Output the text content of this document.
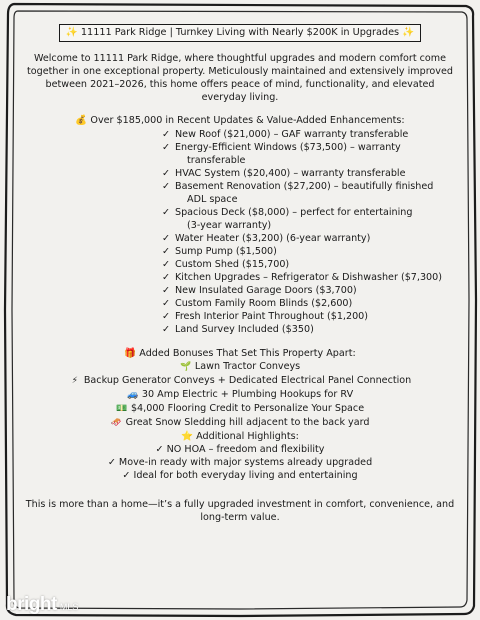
✨ 11111 Park Ridge | Turnkey Living with Nearly $200K in Upgrades ✨
Welcome to 11111 Park Ridge, where thoughtful upgrades and modern comfort come together in one exceptional property. Meticulously maintained and extensively improved between 2021–2026, this home offers peace of mind, functionality, and elevated everyday living.
💰 Over $185,000 in Recent Updates & Value-Added Enhancements:
✓ New Roof ($21,000) – GAF warranty transferable
✓ Energy-Efficient Windows ($73,500) – warranty
transferable
✓ HVAC System ($20,400) – warranty transferable
✓ Basement Renovation ($27,200) – beautifully finished
ADL space
✓ Spacious Deck ($8,000) – perfect for entertaining
(3-year warranty)
✓ Water Heater ($3,200) (6-year warranty)
✓ Sump Pump ($1,500)
✓ Custom Shed ($15,700)
✓ Kitchen Upgrades – Refrigerator & Dishwasher ($7,300)
✓ New Insulated Garage Doors ($3,700)
✓ Custom Family Room Blinds ($2,600)
✓ Fresh Interior Paint Throughout ($1,200)
✓ Land Survey Included ($350)
🎁 Added Bonuses That Set This Property Apart:
🌱 Lawn Tractor Conveys
⚡ Backup Generator Conveys + Dedicated Electrical Panel Connection
🚙 30 Amp Electric + Plumbing Hookups for RV
💵 $4,000 Flooring Credit to Personalize Your Space
🛷 Great Snow Sledding hill adjacent to the back yard
⭐ Additional Highlights:
✓ NO HOA – freedom and flexibility
✓ Move-in ready with major systems already upgraded
✓ Ideal for both everyday living and entertaining
This is more than a home—it’s a fully upgraded investment in comfort, convenience, and long-term value.
bright MLS
